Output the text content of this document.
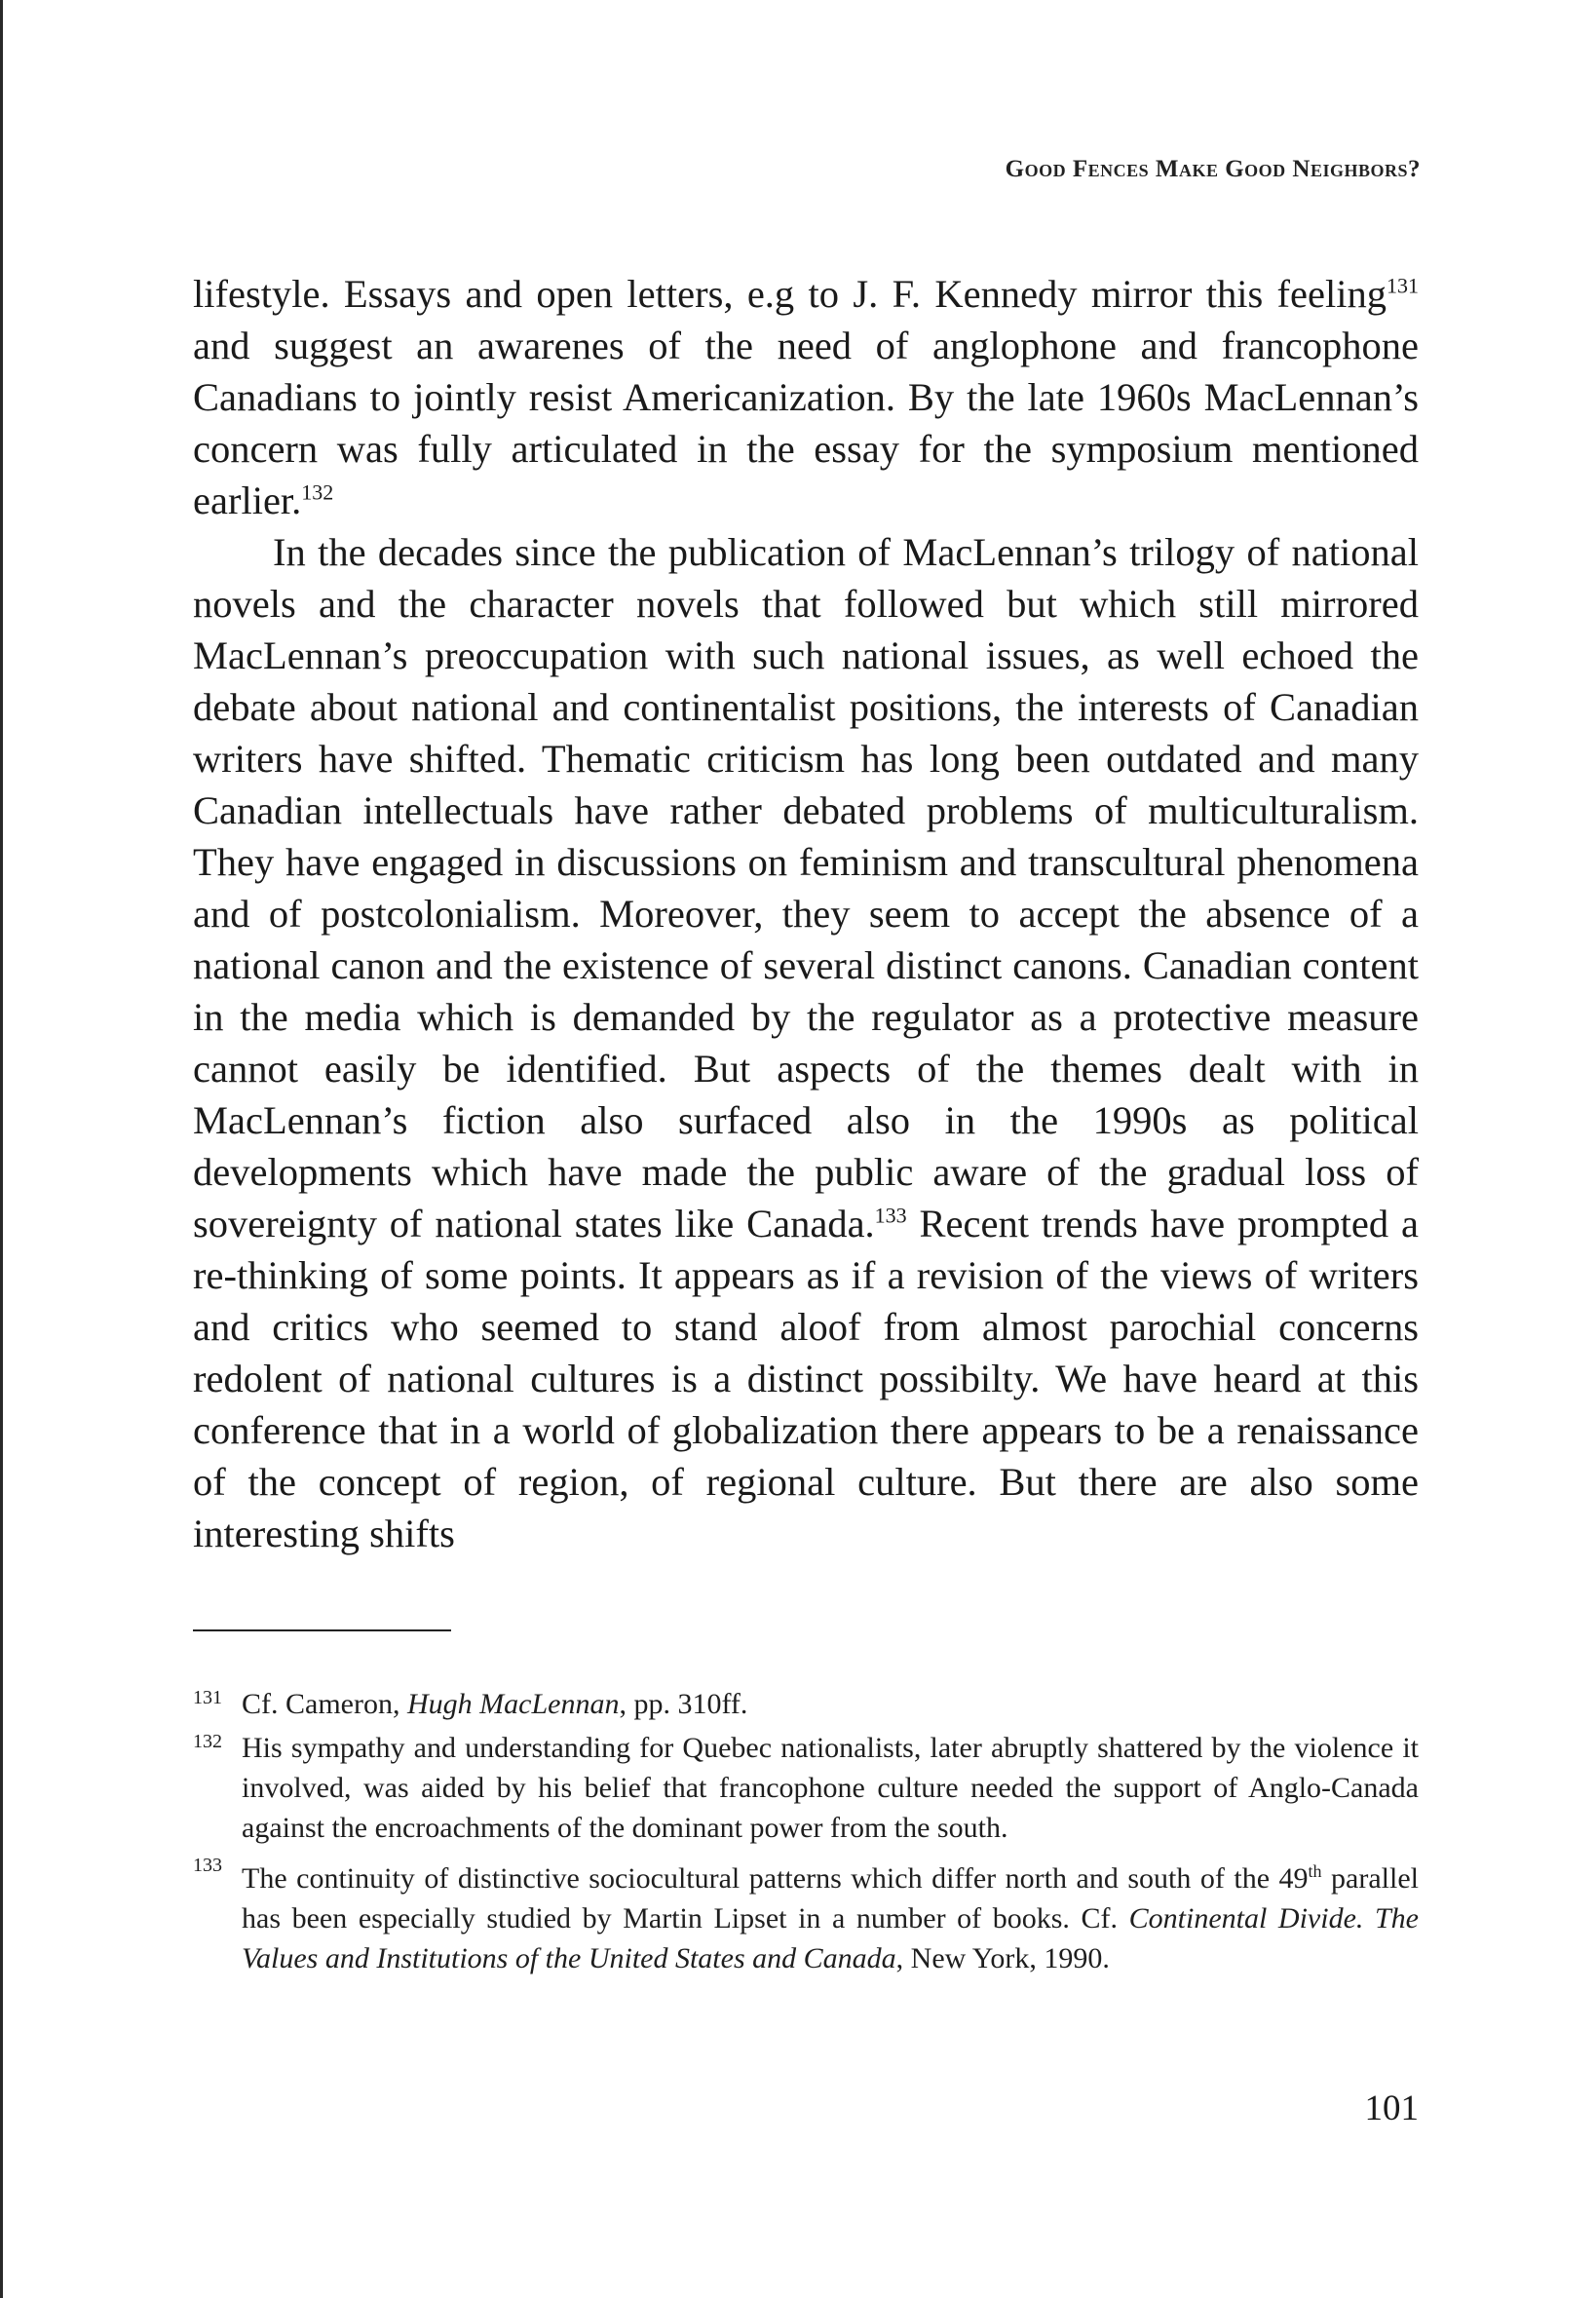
Good Fences Make Good Neighbors?

lifestyle. Essays and open letters, e.g to J. F. Kennedy mirror this feeling$^{131}$ and suggest an awarenes of the need of anglophone and francophone Canadians to jointly resist Americanization. By the late 1960s MacLennan’s concern was fully articulated in the essay for the symposium mentioned earlier.$^{132}$

In the decades since the publication of MacLennan’s trilogy of national novels and the character novels that followed but which still mirrored MacLennan’s preoccupation with such national issues, as well echoed the debate about national and continentalist positions, the interests of Canadian writers have shifted. Thematic criticism has long been outdated and many Canadian intellectuals have rather debated problems of multiculturalism. They have engaged in discussions on feminism and transcultural phenomena and of postcolonialism. Moreover, they seem to accept the absence of a national canon and the existence of several distinct canons. Canadian content in the media which is demanded by the regulator as a protective measure cannot easily be identified. But aspects of the themes dealt with in MacLennan’s fiction also surfaced also in the 1990s as political developments which have made the public aware of the gradual loss of sovereignty of national states like Canada.$^{133}$ Recent trends have prompted a re-thinking of some points. It appears as if a revision of the views of writers and critics who seemed to stand aloof from almost parochial concerns redolent of national cultures is a distinct possibilty. We have heard at this conference that in a world of globalization there appears to be a renaissance of the concept of region, of regional culture. But there are also some interesting shifts

131 Cf. Cameron, Hugh MacLennan, pp. 310ff.
132 His sympathy and understanding for Quebec nationalists, later abruptly shattered by the violence it involved, was aided by his belief that francophone culture needed the support of Anglo-Canada against the encroachments of the dominant power from the south.
133 The continuity of distinctive sociocultural patterns which differ north and south of the 49th parallel has been especially studied by Martin Lipset in a number of books. Cf. Continental Divide. The Values and Institutions of the United States and Canada, New York, 1990.
101
